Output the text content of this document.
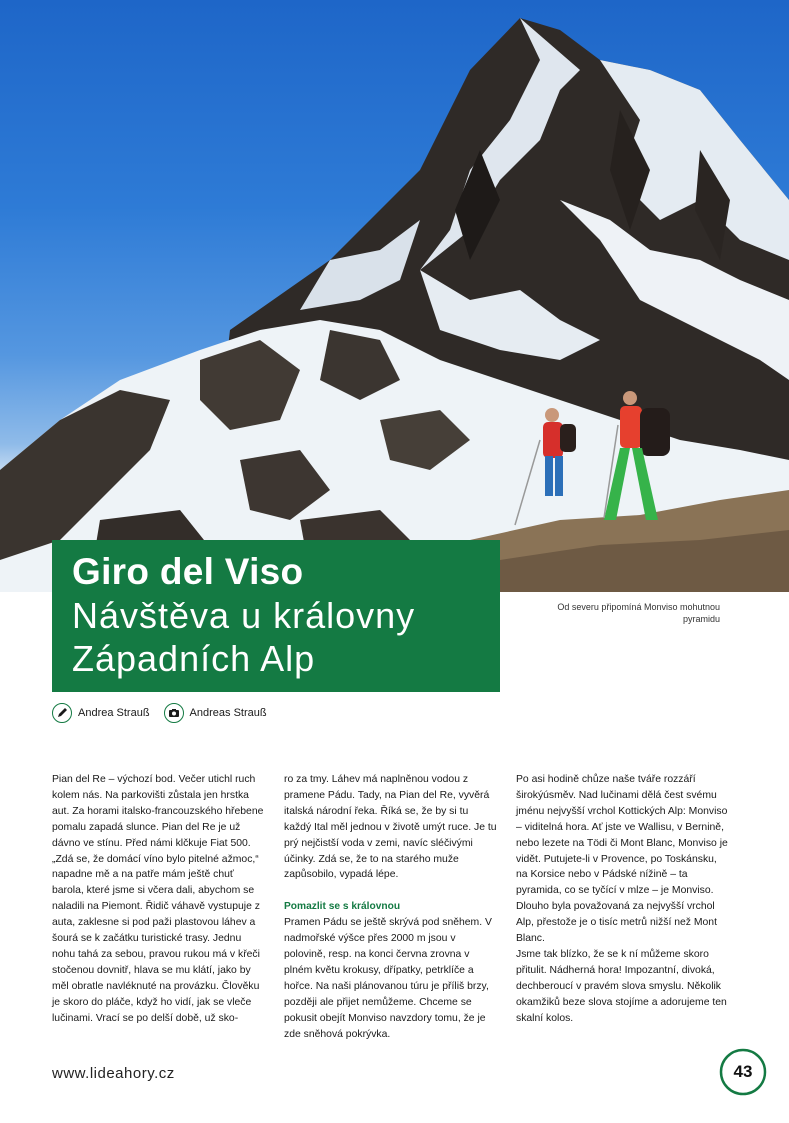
Giro del Viso
Návštěva u královny
Západních Alp
Od severu připomíná Monviso mohutnou pyramidu
Andrea Strauß	Andreas Strauß

Pian del Re – výchozí bod. Večer utichl ruch kolem nás. Na parkovišti zůstala jen hrstka aut. Za horami italsko-francouzského hřebene pomalu zapadá slunce. Pian del Re je už dávno ve stínu. Před námi klčkuje Fiat 500. „Zdá se, že domácí víno bylo pitelné ažmoc,“ napadne mě a na patře mám ještě chuť barola, které jsme si včera dali, abychom se naladili na Piemont. Řidič váhavě vystupuje z auta, zaklesne si pod paži plastovou láhev a šourá se k začátku turistické trasy. Jednu nohu tahá za sebou, pravou rukou má v křeči stočenou dovnitř, hlava se mu klátí, jako by měl obratle navléknuté na provázku. Člověku je skoro do pláče, když ho vidí, jak se vleče lučinami. Vrací se po delší době, už sko-

ro za tmy. Láhev má naplněnou vodou z pramene Pádu. Tady, na Pian del Re, vyvěrá italská národní řeka. Říká se, že by si tu každý Ital měl jednou v životě umýt ruce. Je tu prý nejčistší voda v zemi, navíc sléčivými účinky. Zdá se, že to na starého muže zapůsobilo, vypadá lépe.

Pomazlit se s královnou

Pramen Pádu se ještě skrývá pod sněhem. V nadmořské výšce přes 2000 m jsou v polovině, resp. na konci června zrovna v plném květu krokusy, dřípatky, petrklíče a hořce. Na naši plánovanou túru je příliš brzy, později ale přijet nemůžeme. Chceme se pokusit obejít Monviso navzdory tomu, že je zde sněhová pokrývka.

Po asi hodině chůze naše tváře rozzáří širokýúsměv. Nad lučinami dělá čest svému jménu nejvyšší vrchol Kottických Alp: Monviso – viditelná hora. Ať jste ve Wallisu, v Bernině, nebo lezete na Tödi či Mont Blanc, Monviso je vidět. Putujete-li v Provence, po Toskánsku, na Korsice nebo v Pádské nížině – ta pyramida, co se tyčící v mlze – je Monviso. Dlouho byla považovaná za nejvyšší vrchol Alp, přestože je o tisíc metrů nižší než Mont Blanc.

Jsme tak blízko, že se k ní můžeme skoro přitulit. Nádherná hora! Impozantní, divoká, dechberoucí v pravém slova smyslu. Několik okamžiků beze slova stojíme a adorujeme ten skalní kolos.

www.lideahory.cz	43
